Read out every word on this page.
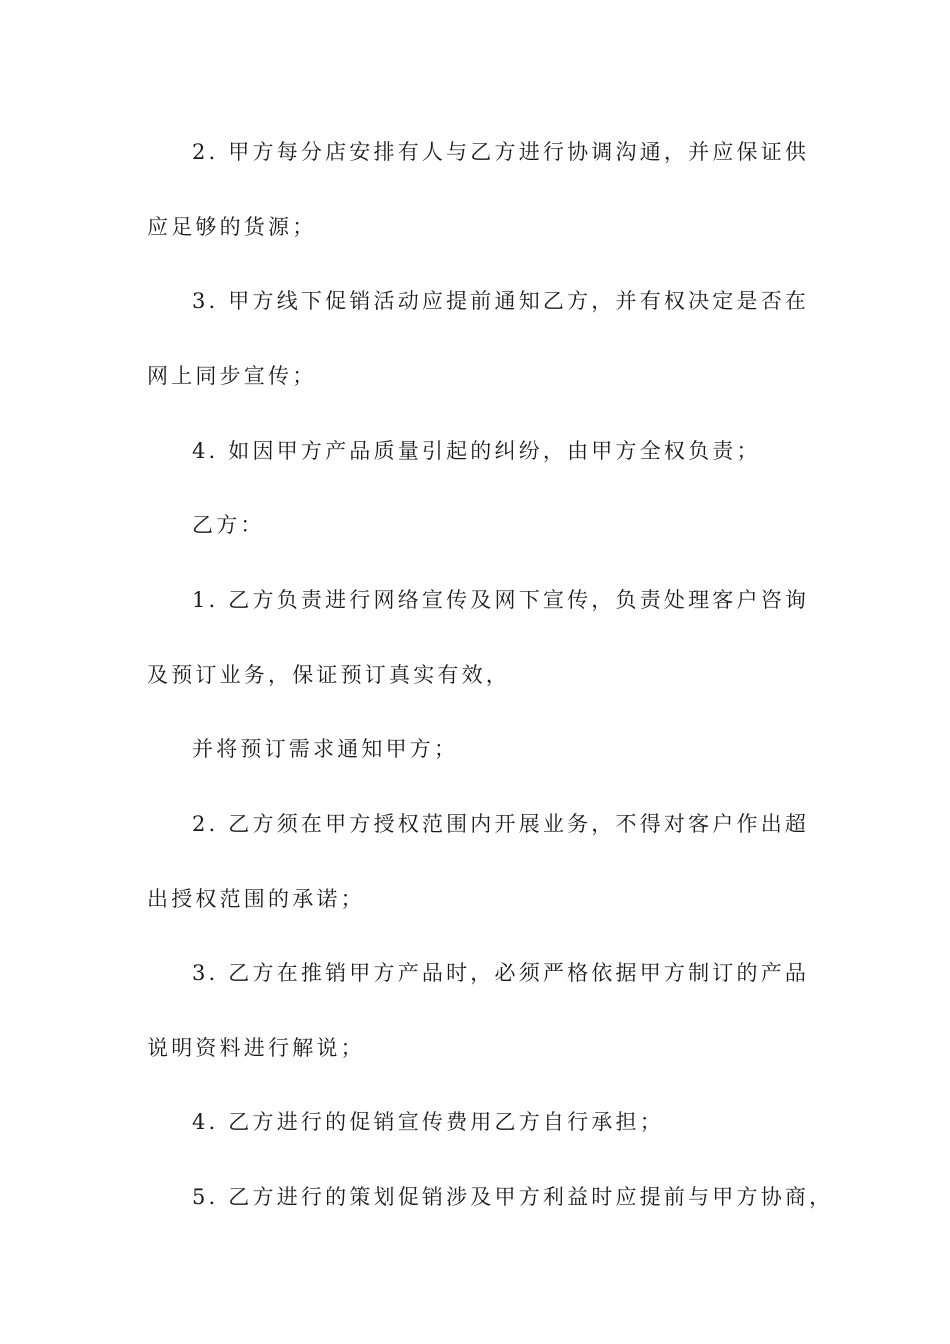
2. 甲方每分店安排有人与乙方进行协调沟通，并应保证供
应足够的货源；
3. 甲方线下促销活动应提前通知乙方，并有权决定是否在
网上同步宣传；
4. 如因甲方产品质量引起的纠纷，由甲方全权负责；
乙方：
1. 乙方负责进行网络宣传及网下宣传，负责处理客户咨询
及预订业务，保证预订真实有效，
并将预订需求通知甲方；
2. 乙方须在甲方授权范围内开展业务，不得对客户作出超
出授权范围的承诺；
3. 乙方在推销甲方产品时，必须严格依据甲方制订的产品
说明资料进行解说；
4. 乙方进行的促销宣传费用乙方自行承担；
5. 乙方进行的策划促销涉及甲方利益时应提前与甲方协商，
